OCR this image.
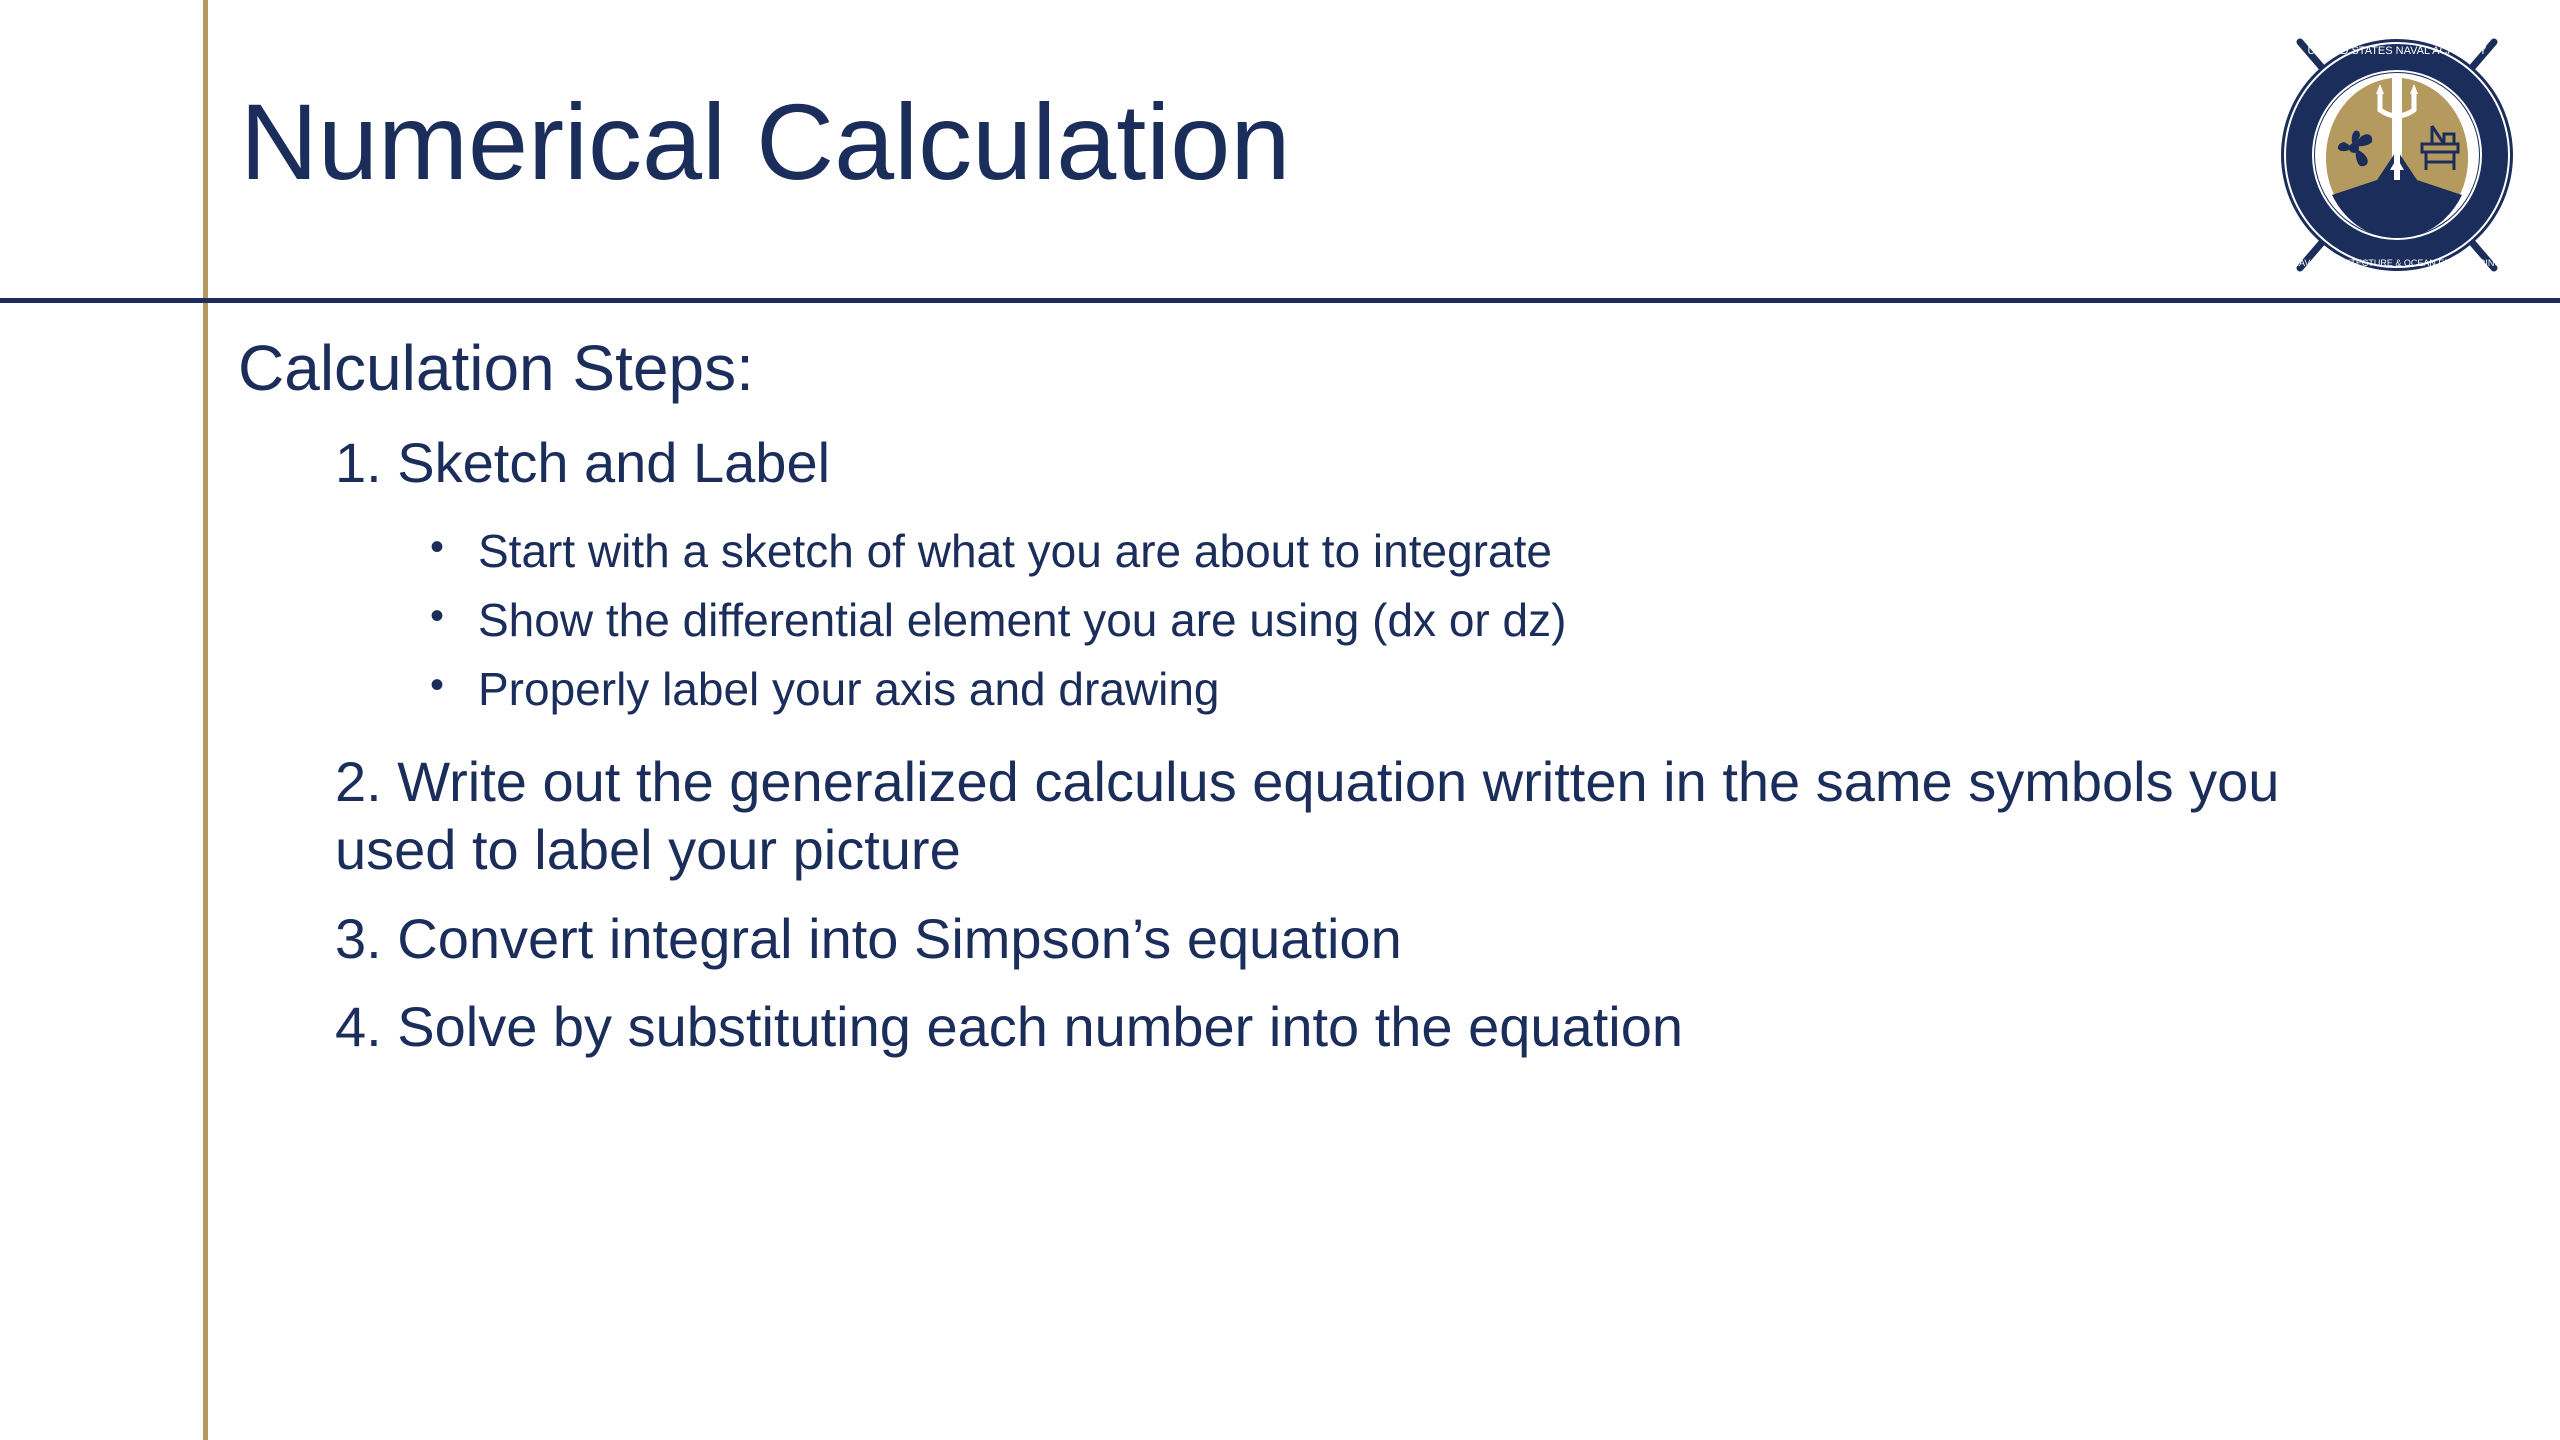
Numerical Calculation
UNITED STATES NAVAL ACADEMY
NAVAL ARCHITECTURE & OCEAN ENGINEERING
Calculation Steps:
1. Sketch and Label
• Start with a sketch of what you are about to integrate
• Show the differential element you are using (dx or dz)
• Properly label your axis and drawing
2. Write out the generalized calculus equation written in the same symbols you used to label your picture
3. Convert integral into Simpson’s equation
4. Solve by substituting each number into the equation
